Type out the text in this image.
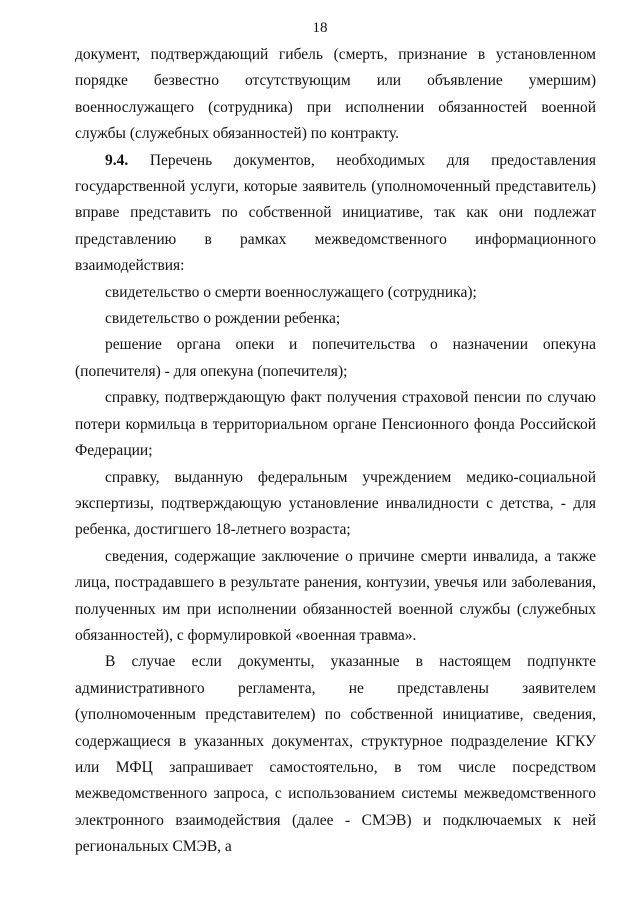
18

документ, подтверждающий гибель (смерть, признание в установленном порядке безвестно отсутствующим или объявление умершим) военнослужащего (сотрудника) при исполнении обязанностей военной службы (служебных обязанностей) по контракту.

9.4. Перечень документов, необходимых для предоставления государственной услуги, которые заявитель (уполномоченный представитель) вправе представить по собственной инициативе, так как они подлежат представлению в рамках межведомственного информационного взаимодействия:

свидетельство о смерти военнослужащего (сотрудника);

свидетельство о рождении ребенка;

решение органа опеки и попечительства о назначении опекуна (попечителя) - для опекуна (попечителя);

справку, подтверждающую факт получения страховой пенсии по случаю потери кормильца в территориальном органе Пенсионного фонда Российской Федерации;

справку, выданную федеральным учреждением медико-социальной экспертизы, подтверждающую установление инвалидности с детства, - для ребенка, достигшего 18-летнего возраста;

сведения, содержащие заключение о причине смерти инвалида, а также лица, пострадавшего в результате ранения, контузии, увечья или заболевания, полученных им при исполнении обязанностей военной службы (служебных обязанностей), с формулировкой «военная травма».

В случае если документы, указанные в настоящем подпункте административного регламента, не представлены заявителем (уполномоченным представителем) по собственной инициативе, сведения, содержащиеся в указанных документах, структурное подразделение КГКУ или МФЦ запрашивает самостоятельно, в том числе посредством межведомственного запроса, с использованием системы межведомственного электронного взаимодействия (далее - СМЭВ) и подключаемых к ней региональных СМЭВ, а
